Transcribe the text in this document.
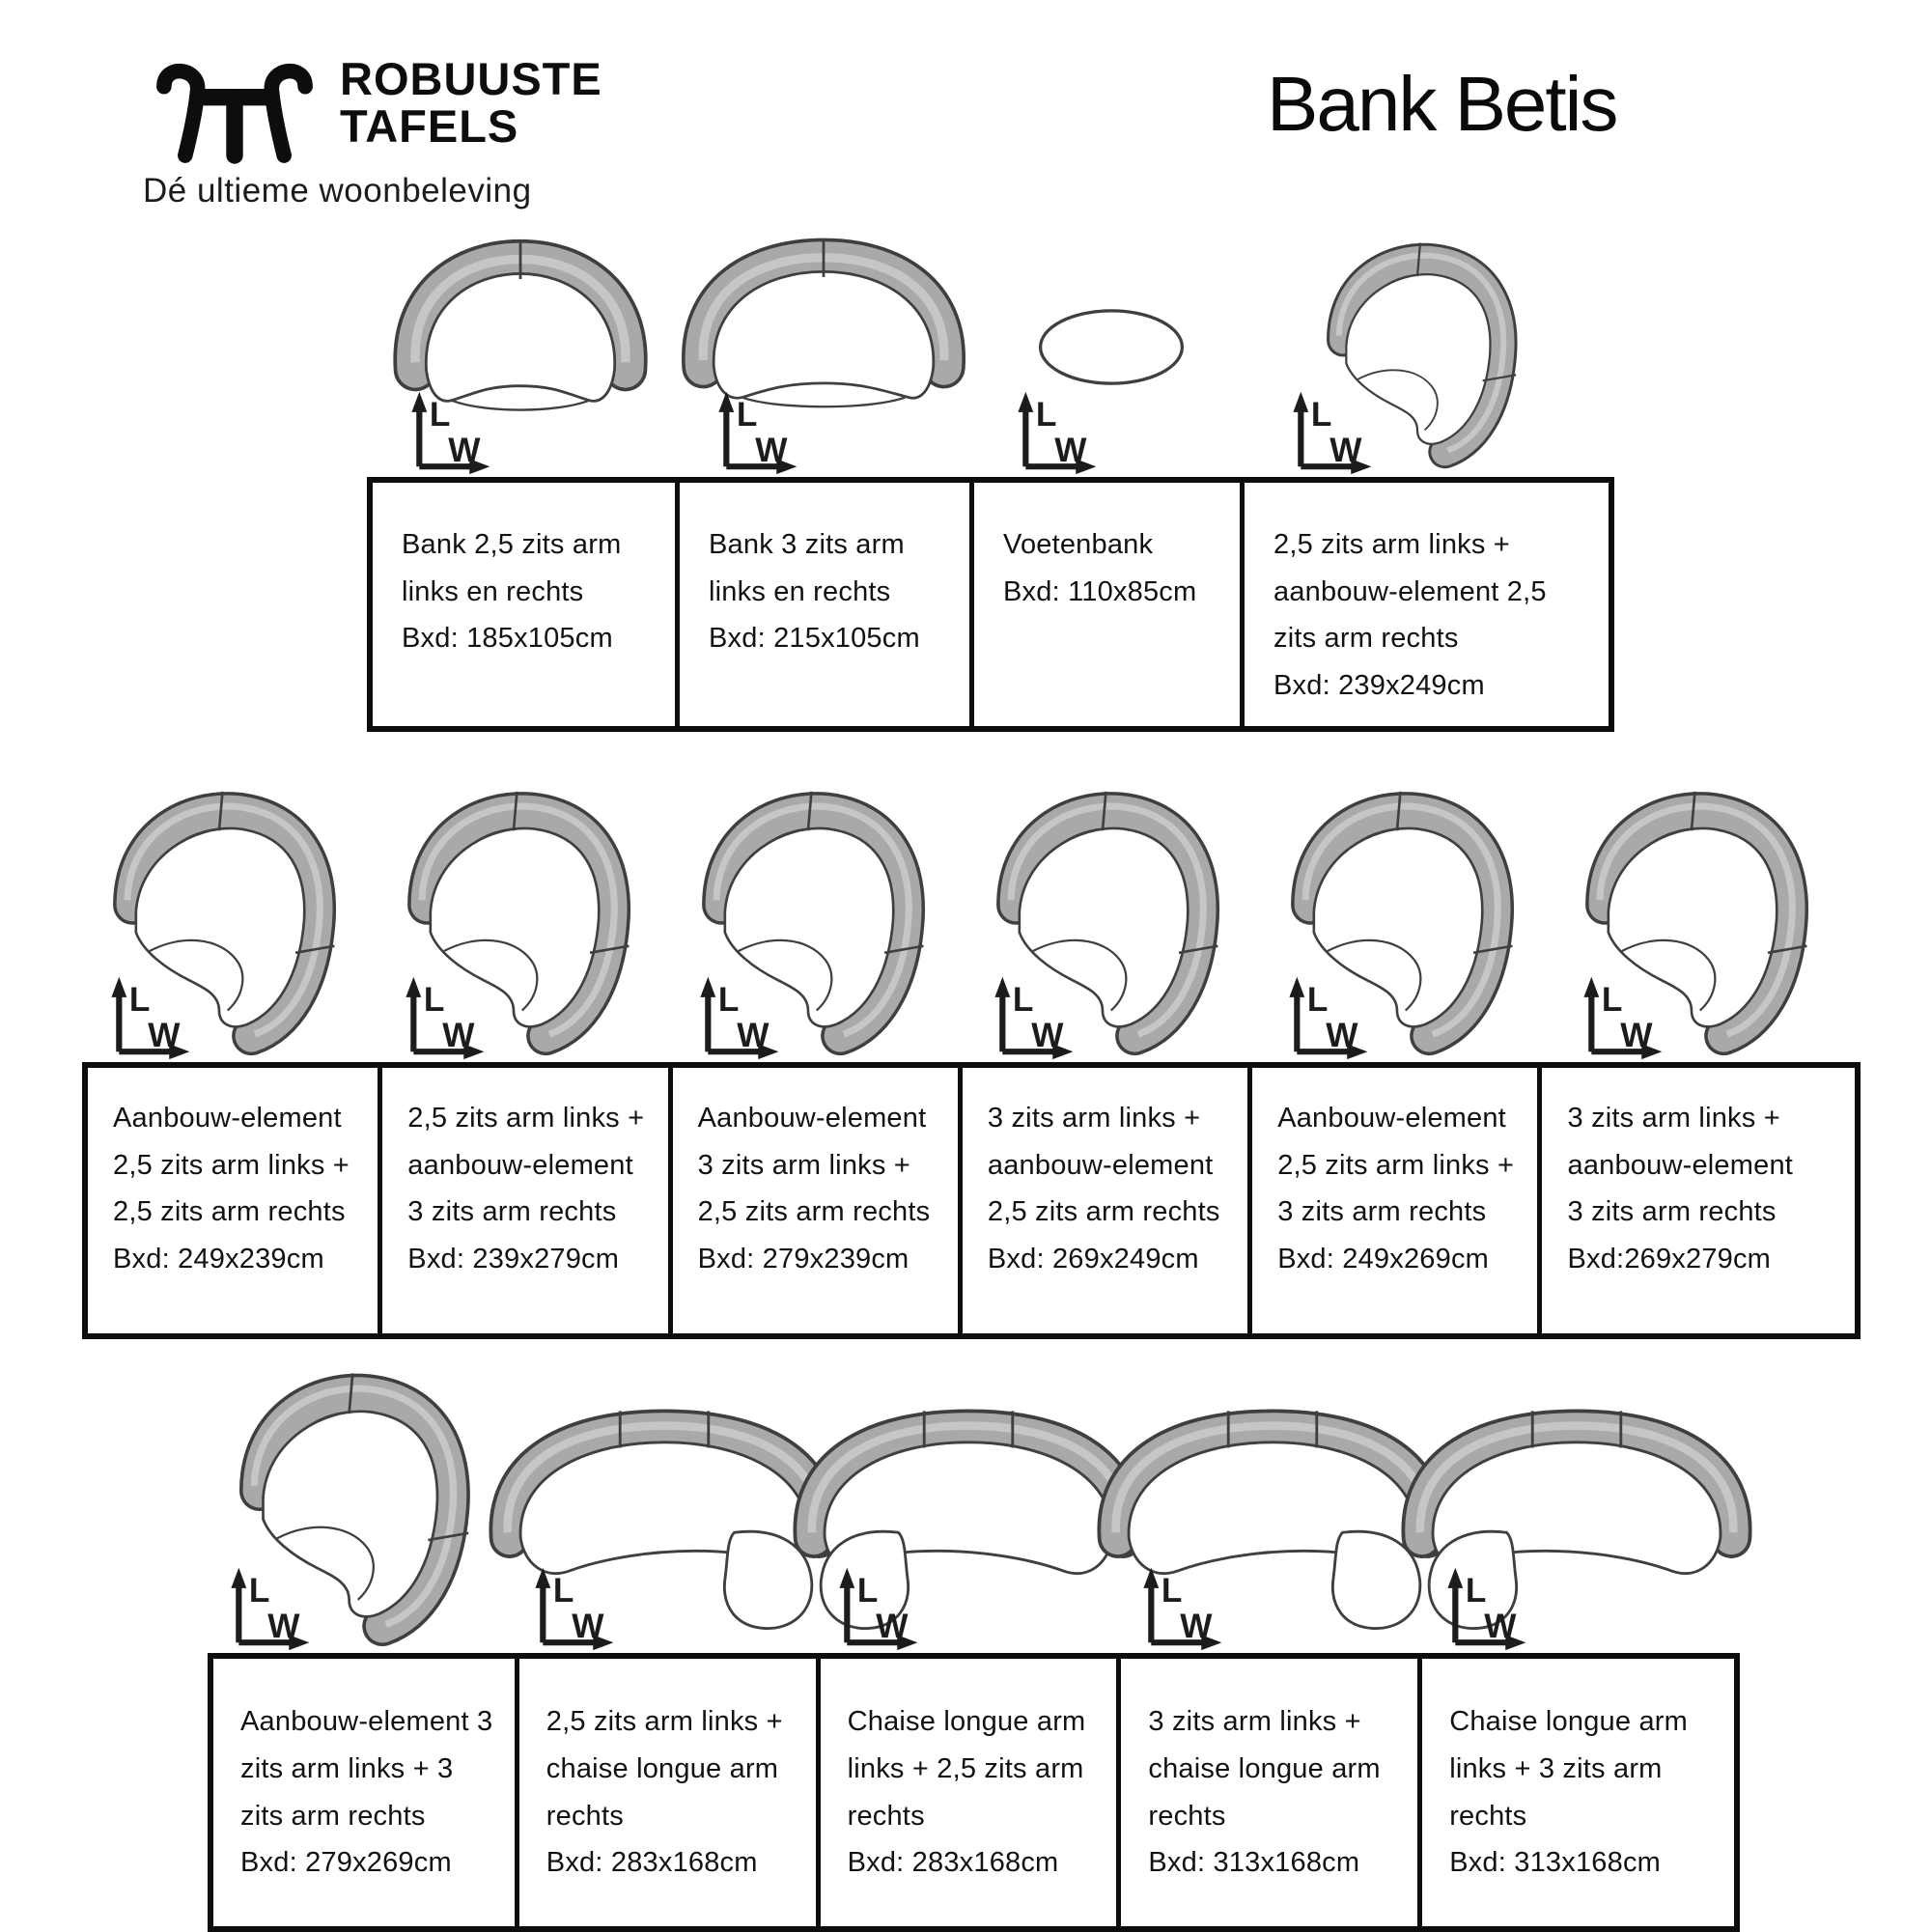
ROBUUSTE
TAFELS
Dé ultieme woonbeleving
Bank Betis
L
W
L
W
L
W
L
W
Bank 2,5 zits arm links en rechts
Bxd: 185x105cm
Bank 3 zits arm links en rechts
Bxd: 215x105cm
Voetenbank
Bxd: 110x85cm
2,5 zits arm links + aanbouw-element 2,5 zits arm rechts
Bxd: 239x249cm
L
W
L
W
L
W
L
W
L
W
L
W
Aanbouw-element 2,5 zits arm links + 2,5 zits arm rechts
Bxd: 249x239cm
2,5 zits arm links + aanbouw-element 3 zits arm rechts
Bxd: 239x279cm
Aanbouw-element 3 zits arm links + 2,5 zits arm rechts
Bxd: 279x239cm
3 zits arm links + aanbouw-element 2,5 zits arm rechts
Bxd: 269x249cm
Aanbouw-element 2,5 zits arm links + 3 zits arm rechts
Bxd: 249x269cm
3 zits arm links + aanbouw-element 3 zits arm rechts
Bxd:269x279cm
L
W
L
W
L
W
L
W
L
W
Aanbouw-element 3 zits arm links + 3 zits arm rechts
Bxd: 279x269cm
2,5 zits arm links + chaise longue arm rechts
Bxd: 283x168cm
Chaise longue arm links + 2,5 zits arm rechts
Bxd: 283x168cm
3 zits arm links + chaise longue arm rechts
Bxd: 313x168cm
Chaise longue arm links + 3 zits arm rechts
Bxd: 313x168cm
